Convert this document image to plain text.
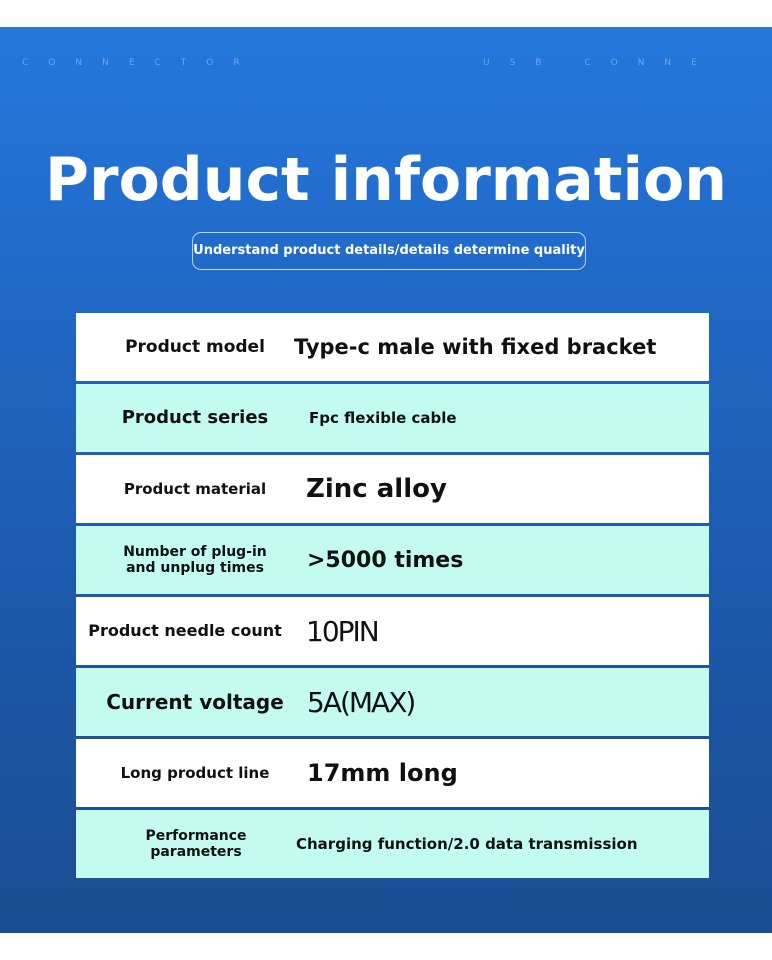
CONNECTOR	USB CONNE
Product information
Understand product details/details determine quality
Product model	Type-c male with fixed bracket
Product series	Fpc flexible cable
Product material	Zinc alloy
Number of plug-in and unplug times	>5000 times
Product needle count 10PIN
Current voltage 5A(MAX)
Long product line	17mm long
Performance parameters	Charging function/2.0 data transmission
